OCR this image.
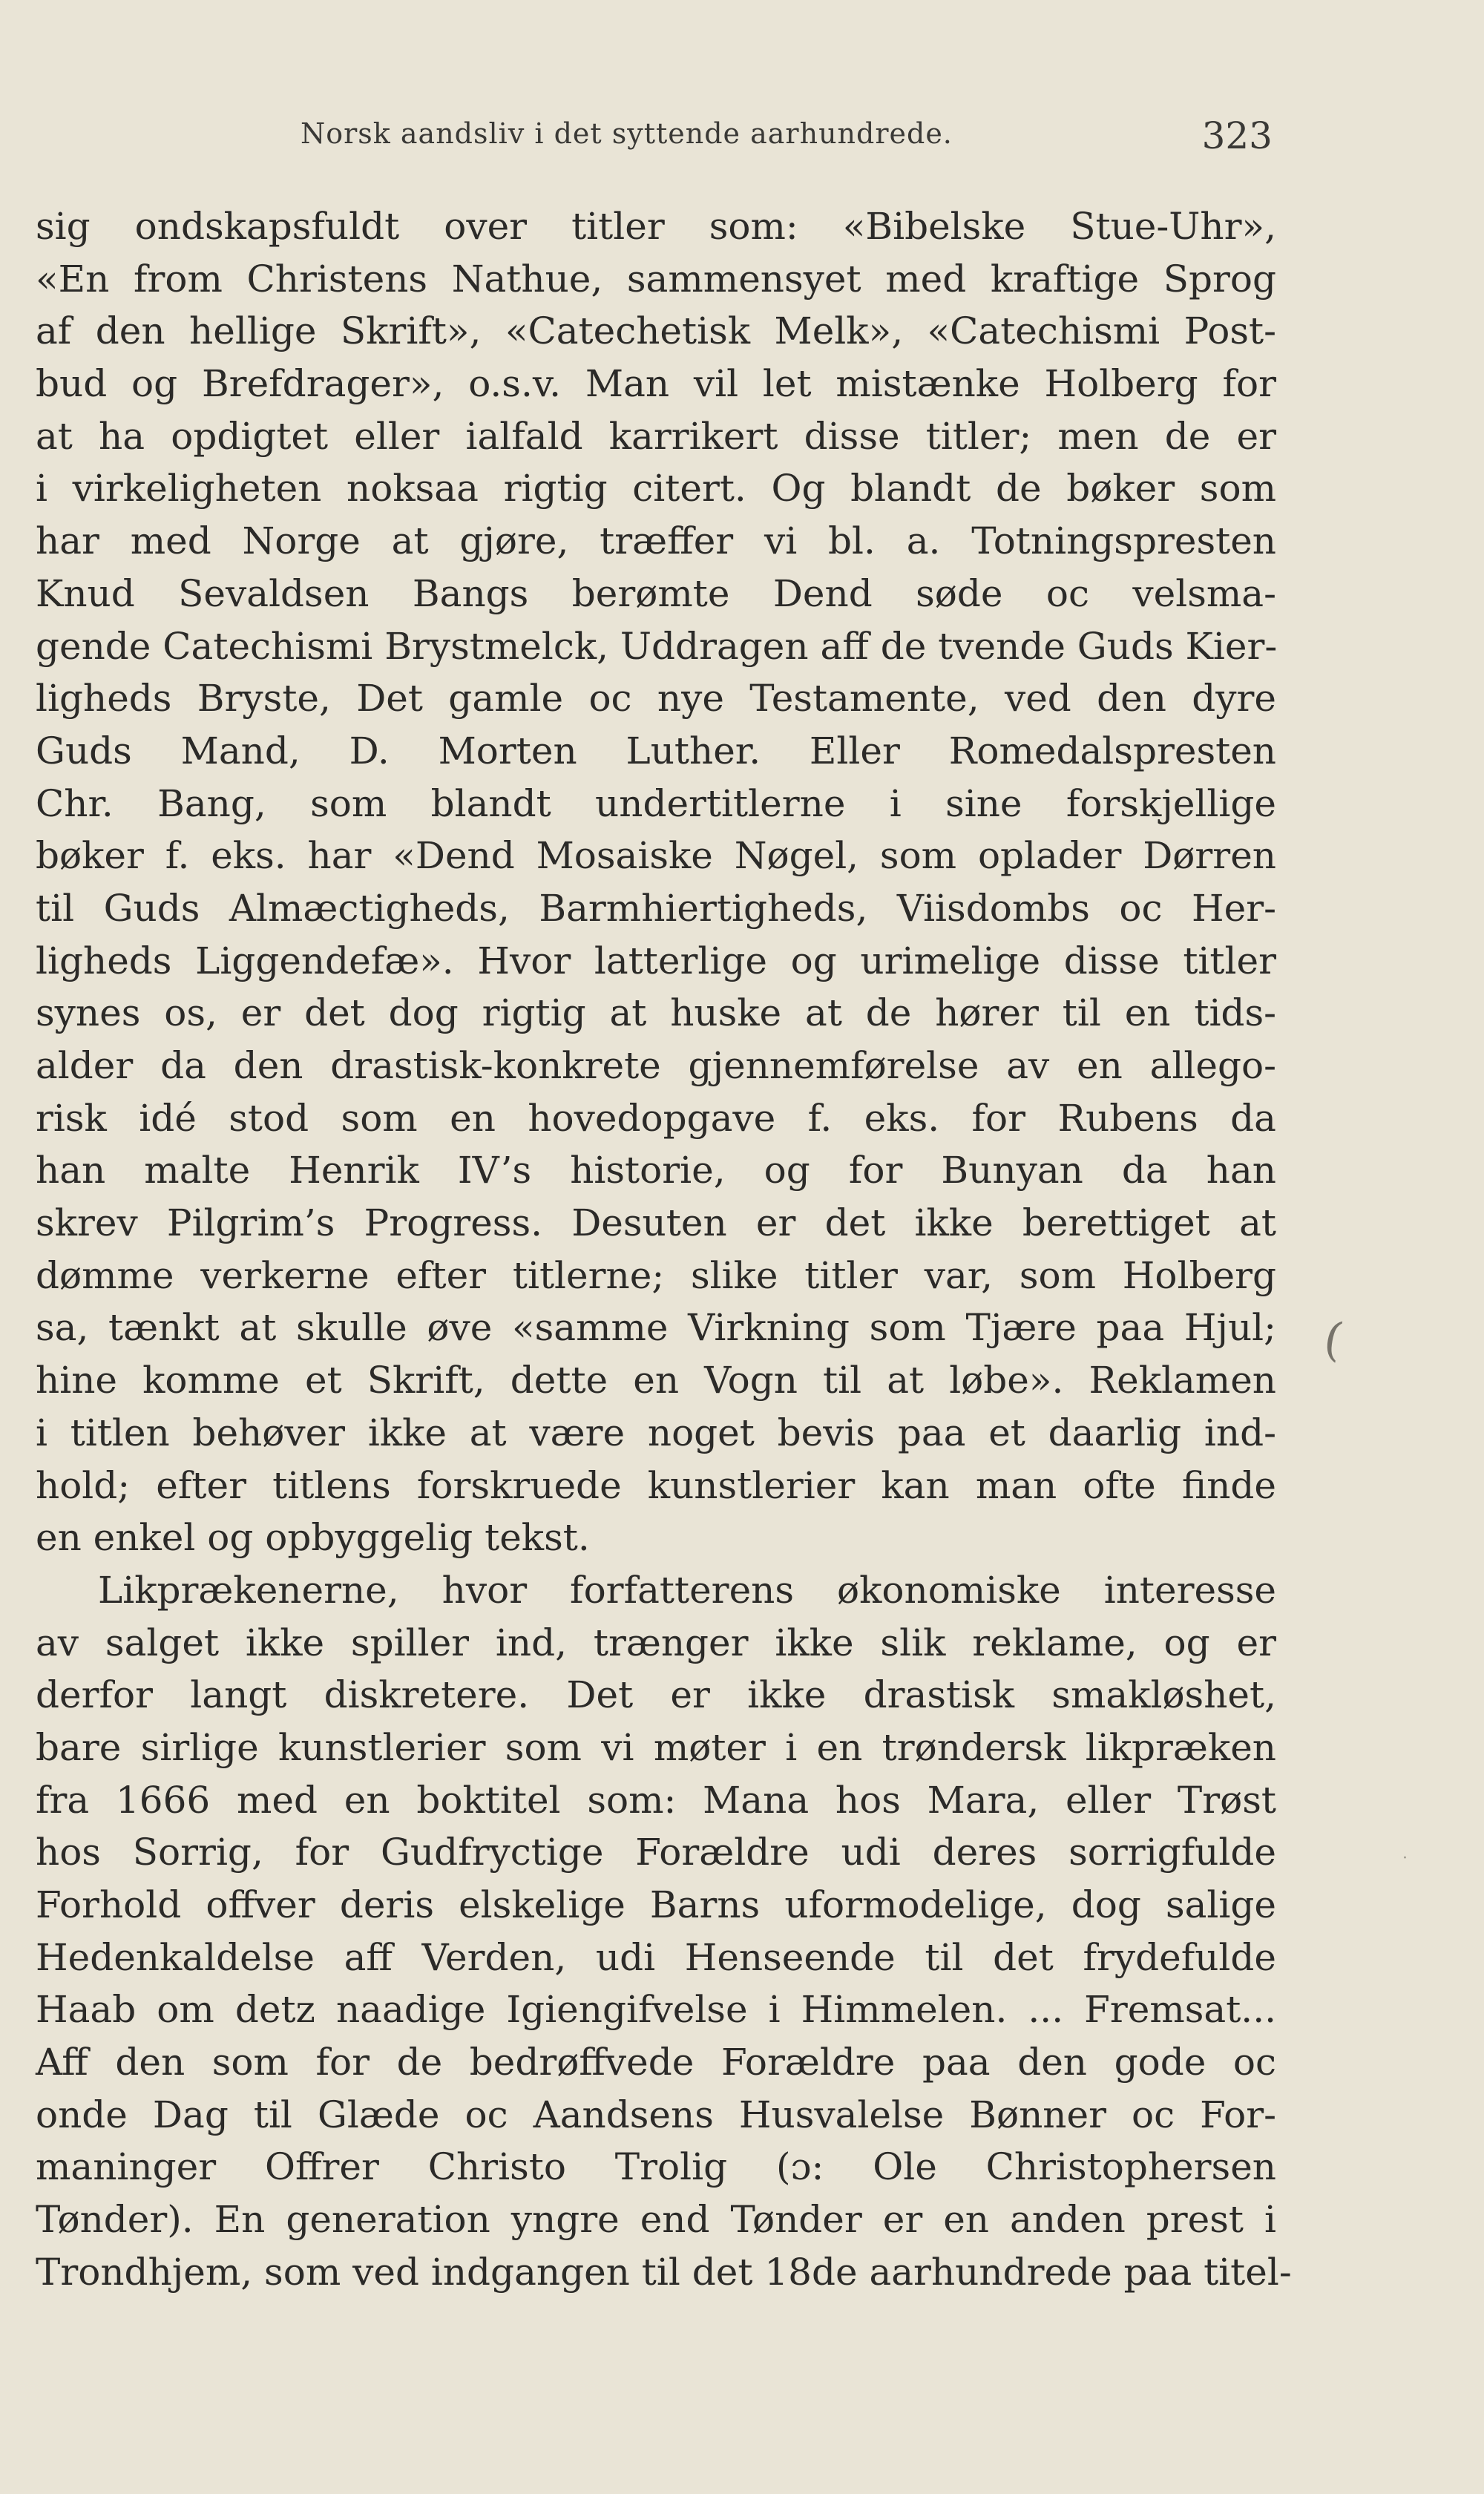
Norsk aandsliv i det syttende aarhundrede.	323
sig ondskapsfuldt over titler som: «Bibelske Stue-Uhr»,
«En from Christens Nathue, sammensyet med kraftige Sprog
af den hellige Skrift», «Catechetisk Melk», «Catechismi Post-
bud og Brefdrager», o.s.v. Man vil let mistænke Holberg for
at ha opdigtet eller ialfald karrikert disse titler; men de er
i virkeligheten noksaa rigtig citert. Og blandt de bøker som
har med Norge at gjøre, træffer vi bl. a. Totningspresten
Knud Sevaldsen Bangs berømte Dend søde oc velsma-
gende Catechismi Brystmelck, Uddragen aff de tvende Guds Kier-
ligheds Bryste, Det gamle oc nye Testamente, ved den dyre
Guds Mand, D. Morten Luther. Eller Romedalspresten
Chr. Bang, som blandt undertitlerne i sine forskjellige
bøker f. eks. har «Dend Mosaiske Nøgel, som oplader Dørren
til Guds Almæctigheds, Barmhiertigheds, Viisdombs oc Her-
ligheds Liggendefæ». Hvor latterlige og urimelige disse titler
synes os, er det dog rigtig at huske at de hører til en tids-
alder da den drastisk-konkrete gjennemførelse av en allego-
risk idé stod som en hovedopgave f. eks. for Rubens da
han malte Henrik IV’s historie, og for Bunyan da han
skrev Pilgrim’s Progress. Desuten er det ikke berettiget at
dømme verkerne efter titlerne; slike titler var, som Holberg
sa, tænkt at skulle øve «samme Virkning som Tjære paa Hjul;
hine komme et Skrift, dette en Vogn til at løbe». Reklamen
i titlen behøver ikke at være noget bevis paa et daarlig ind-
hold; efter titlens forskruede kunstlerier kan man ofte finde
en enkel og opbyggelig tekst.
Likprækenerne, hvor forfatterens økonomiske interesse
av salget ikke spiller ind, trænger ikke slik reklame, og er
derfor langt diskretere. Det er ikke drastisk smakløshet,
bare sirlige kunstlerier som vi møter i en trøndersk likpræken
fra 1666 med en boktitel som: Mana hos Mara, eller Trøst
hos Sorrig, for Gudfryctige Forældre udi deres sorrigfulde
Forhold offver deris elskelige Barns uformodelige, dog salige
Hedenkaldelse aff Verden, udi Henseende til det frydefulde
Haab om detz naadige Igiengifvelse i Himmelen. ... Fremsat...
Aff den som for de bedrøffvede Forældre paa den gode oc
onde Dag til Glæde oc Aandsens Husvalelse Bønner oc For-
maninger Offrer Christo Trolig (ɔ: Ole Christophersen
Tønder). En generation yngre end Tønder er en anden prest i
Trondhjem, som ved indgangen til det 18de aarhundrede paa titel-
(
·
